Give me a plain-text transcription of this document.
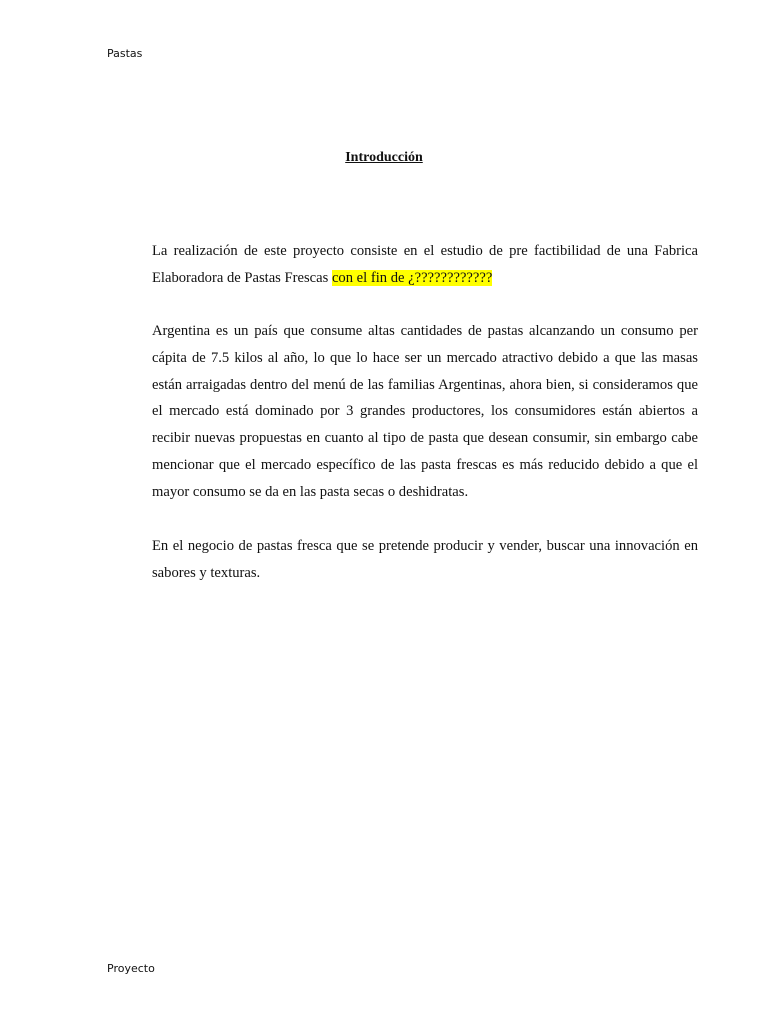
Pastas
Introducción
La realización de este proyecto consiste en el estudio de pre factibilidad de una Fabrica Elaboradora de Pastas Frescas con el fin de ¿????????????
Argentina es un país que consume altas cantidades de pastas alcanzando un consumo per cápita de 7.5 kilos al año, lo que lo hace ser un mercado atractivo debido a que las masas están arraigadas dentro del menú de las familias Argentinas, ahora bien, si consideramos que el mercado está dominado por 3 grandes productores, los consumidores están abiertos a recibir nuevas propuestas en cuanto al tipo de pasta que desean consumir, sin embargo cabe mencionar que el mercado específico de las pasta frescas es más reducido debido a que el mayor consumo se da en las pasta secas o deshidratas.
En el negocio de pastas fresca que se pretende producir y vender, buscar una innovación en sabores y texturas.
Proyecto
